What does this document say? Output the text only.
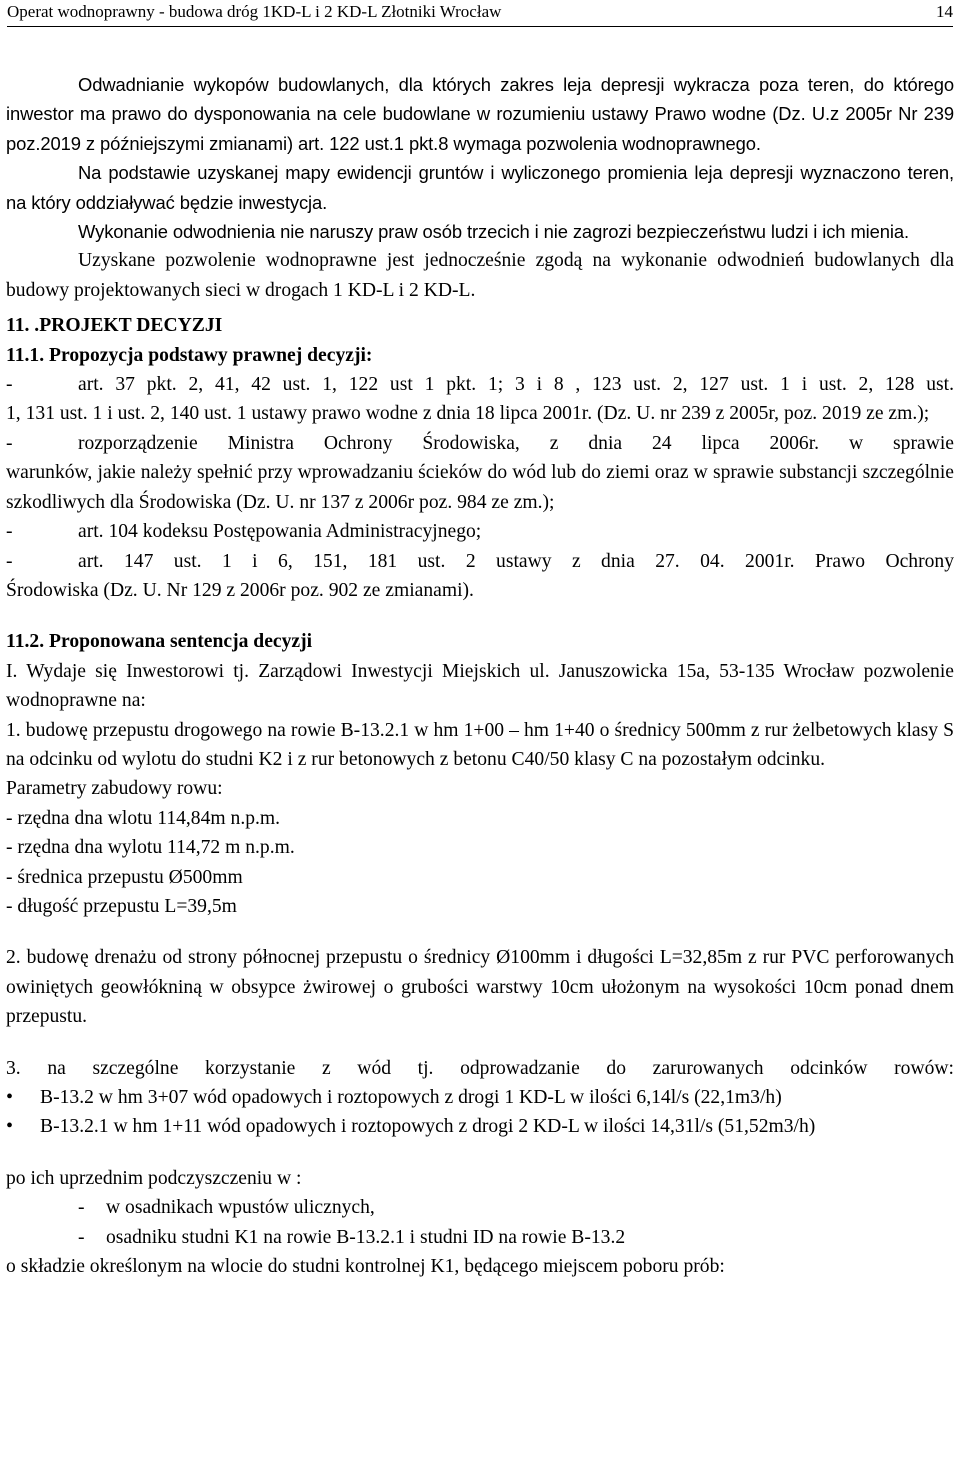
Operat wodnoprawny - budowa dróg 1KD-L i 2 KD-L Złotniki Wrocław	14
Odwadnianie wykopów budowlanych, dla których zakres leja depresji wykracza poza teren, do którego inwestor ma prawo do dysponowania na cele budowlane w rozumieniu ustawy Prawo wodne (Dz. U.z 2005r Nr 239 poz.2019 z późniejszymi zmianami) art. 122 ust.1 pkt.8 wymaga pozwolenia wodnoprawnego.
Na podstawie uzyskanej mapy ewidencji gruntów i wyliczonego promienia leja depresji wyznaczono teren, na który oddziaływać będzie inwestycja.
Wykonanie odwodnienia nie naruszy praw osób trzecich i nie zagrozi bezpieczeństwu ludzi i ich mienia.
Uzyskane pozwolenie wodnoprawne jest jednocześnie zgodą na wykonanie odwodnień budowlanych dla budowy projektowanych sieci w drogach 1 KD-L i 2 KD-L.
11. .PROJEKT DECYZJI
11.1. Propozycja podstawy prawnej decyzji:
-	art. 37 pkt. 2, 41, 42 ust. 1, 122 ust 1 pkt. 1; 3 i 8 , 123 ust. 2, 127 ust. 1 i ust. 2, 128 ust.
1, 131 ust. 1 i ust. 2, 140 ust. 1 ustawy prawo wodne z dnia 18 lipca 2001r. (Dz. U. nr 239 z 2005r, poz. 2019 ze zm.);
-	rozporządzenie Ministra Ochrony Środowiska, z dnia 24 lipca 2006r. w sprawie
warunków, jakie należy spełnić przy wprowadzaniu ścieków do wód lub do ziemi oraz w sprawie substancji szczególnie szkodliwych dla Środowiska (Dz. U. nr 137 z 2006r poz. 984 ze zm.);
-	art. 104 kodeksu Postępowania Administracyjnego;
-	art. 147 ust. 1 i 6, 151, 181 ust. 2 ustawy z dnia 27. 04. 2001r. Prawo Ochrony
Środowiska (Dz. U. Nr 129 z 2006r poz. 902 ze zmianami).
11.2. Proponowana sentencja decyzji
I. Wydaje się Inwestorowi tj. Zarządowi Inwestycji Miejskich ul. Januszowicka 15a, 53-135 Wrocław pozwolenie wodnoprawne na:
1. budowę przepustu drogowego na rowie B-13.2.1 w hm 1+00 – hm 1+40 o średnicy 500mm z rur żelbetowych klasy S na odcinku od wylotu do studni K2 i z rur betonowych z betonu C40/50 klasy C na pozostałym odcinku.
Parametry zabudowy rowu:
- rzędna dna wlotu 114,84m n.p.m.
- rzędna dna wylotu 114,72 m n.p.m.
- średnica przepustu Ø500mm
- długość przepustu L=39,5m
2. budowę drenażu od strony północnej przepustu o średnicy Ø100mm i długości L=32,85m z rur PVC perforowanych owiniętych geowłókniną w obsypce żwirowej o grubości warstwy 10cm ułożonym na wysokości 10cm ponad dnem przepustu.
3. na szczególne korzystanie z wód tj. odprowadzanie do zarurowanych odcinków rowów:
•	B-13.2 w hm 3+07 wód opadowych i roztopowych z drogi 1 KD-L w ilości 6,14l/s (22,1m3/h)
•	B-13.2.1 w hm 1+11 wód opadowych i roztopowych z drogi 2 KD-L w ilości 14,31l/s (51,52m3/h)
po ich uprzednim podczyszczeniu w :
-	w osadnikach wpustów ulicznych,
-	osadniku studni K1 na rowie B-13.2.1 i studni ID na rowie B-13.2
o składzie określonym na wlocie do studni kontrolnej K1, będącego miejscem poboru prób:
